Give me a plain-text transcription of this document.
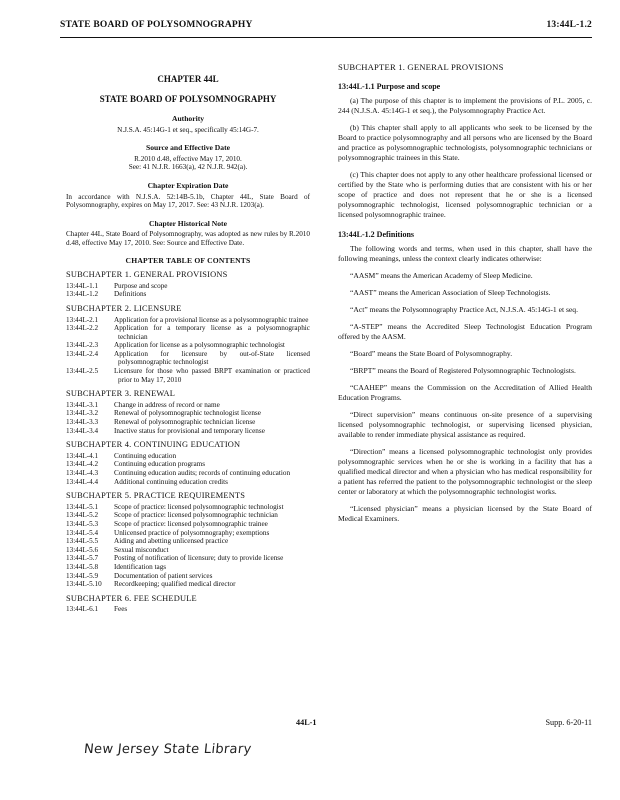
STATE BOARD OF POLYSOMNOGRAPHY	13:44L-1.2
CHAPTER 44L
STATE BOARD OF POLYSOMNOGRAPHY
Authority

N.J.S.A. 45:14G-1 et seq., specifically 45:14G-7.

Source and Effective Date

R.2010 d.48, effective May 17, 2010.

See: 41 N.J.R. 1663(a), 42 N.J.R. 942(a).

Chapter Expiration Date

In accordance with N.J.S.A. 52:14B-5.1b, Chapter 44L, State Board of Polysomnography, expires on May 17, 2017. See: 43 N.J.R. 1203(a).

Chapter Historical Note

Chapter 44L, State Board of Polysomnography, was adopted as new rules by R.2010 d.48, effective May 17, 2010. See: Source and Effective Date.

CHAPTER TABLE OF CONTENTS
SUBCHAPTER 1. GENERAL PROVISIONS
13:44L-1.1	Purpose and scope
13:44L-1.2	Definitions
SUBCHAPTER 2. LICENSURE
13:44L-2.1	Application for a provisional license as a polysomnographic trainee
13:44L-2.2	Application for a temporary license as a polysomnographic technician
13:44L-2.3	Application for license as a polysomnographic technologist
13:44L-2.4	Application for licensure by out-of-State licensed polysomnographic technologist
13:44L-2.5	Licensure for those who passed BRPT examination or practiced prior to May 17, 2010
SUBCHAPTER 3. RENEWAL
13:44L-3.1	Change in address of record or name
13:44L-3.2	Renewal of polysomnographic technologist license
13:44L-3.3	Renewal of polysomnographic technician license
13:44L-3.4	Inactive status for provisional and temporary license
SUBCHAPTER 4. CONTINUING EDUCATION
13:44L-4.1	Continuing education
13:44L-4.2	Continuing education programs
13:44L-4.3	Continuing education audits; records of continuing education
13:44L-4.4	Additional continuing education credits
SUBCHAPTER 5. PRACTICE REQUIREMENTS
13:44L-5.1	Scope of practice: licensed polysomnographic technologist
13:44L-5.2	Scope of practice: licensed polysomnographic technician
13:44L-5.3	Scope of practice: licensed polysomnographic trainee
13:44L-5.4	Unlicensed practice of polysomnography; exemptions
13:44L-5.5	Aiding and abetting unlicensed practice
13:44L-5.6	Sexual misconduct
13:44L-5.7	Posting of notification of licensure; duty to provide license
13:44L-5.8	Identification tags
13:44L-5.9	Documentation of patient services
13:44L-5.10	Recordkeeping; qualified medical director
SUBCHAPTER 6. FEE SCHEDULE
13:44L-6.1	Fees
SUBCHAPTER 1. GENERAL PROVISIONS
13:44L-1.1 Purpose and scope

(a) The purpose of this chapter is to implement the provisions of P.L. 2005, c. 244 (N.J.S.A. 45:14G-1 et seq.), the Polysomnography Practice Act.

(b) This chapter shall apply to all applicants who seek to be licensed by the Board to practice polysomnography and all persons who are licensed by the Board and practice as polysomnographic technologists, polysomnographic technicians or polysomnographic trainees in this State.

(c) This chapter does not apply to any other healthcare professional licensed or certified by the State who is performing duties that are consistent with his or her scope of practice and does not represent that he or she is a licensed polysomnographic technologist, licensed polysomnographic technician or a licensed polysomnographic trainee.

13:44L-1.2 Definitions

The following words and terms, when used in this chapter, shall have the following meanings, unless the context clearly indicates otherwise:

“AASM” means the American Academy of Sleep Medicine.

“AAST” means the American Association of Sleep Technologists.

“Act” means the Polysomnography Practice Act, N.J.S.A. 45:14G-1 et seq.

“A-STEP” means the Accredited Sleep Technologist Education Program offered by the AASM.

“Board” means the State Board of Polysomnography.

“BRPT” means the Board of Registered Polysomnographic Technologists.

“CAAHEP” means the Commission on the Accreditation of Allied Health Education Programs.

“Direct supervision” means continuous on-site presence of a supervising licensed polysomnographic technologist, or supervising licensed physician, available to render immediate physical assistance as required.

“Direction” means a licensed polysomnographic technologist only provides polysomnographic services when he or she is working in a facility that has a qualified medical director and when a physician who has medical responsibility for a patient has referred the patient to the polysomnographic technologist or the sleep center or laboratory at which the polysomnographic technologist works.

“Licensed physician” means a physician licensed by the State Board of Medical Examiners.

44L-1	Supp. 6-20-11
New Jersey State Library
